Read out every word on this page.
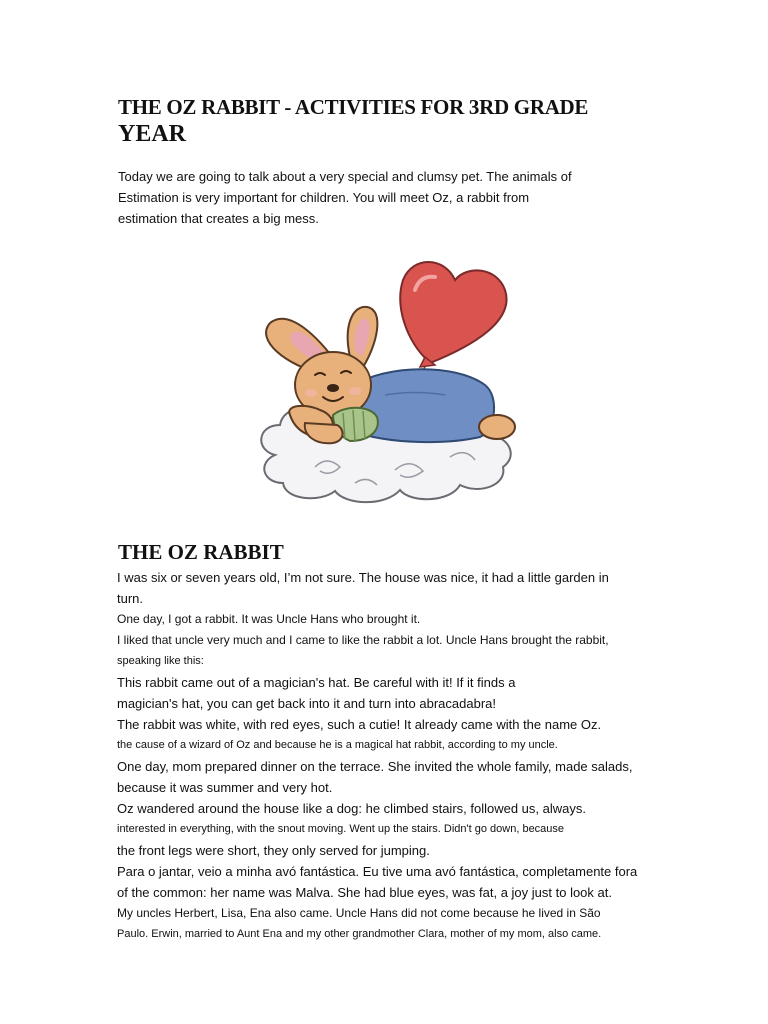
THE OZ RABBIT - ACTIVITIES FOR 3RD GRADE
YEAR
Today we are going to talk about a very special and clumsy pet. The animals of
Estimation is very important for children. You will meet Oz, a rabbit from
estimation that creates a big mess.
THE OZ RABBIT
I was six or seven years old, I’m not sure. The house was nice, it had a little garden in
turn.
One day, I got a rabbit. It was Uncle Hans who brought it.
I liked that uncle very much and I came to like the rabbit a lot. Uncle Hans brought the rabbit,
speaking like this:
This rabbit came out of a magician's hat. Be careful with it! If it finds a
magician's hat, you can get back into it and turn into abracadabra!
The rabbit was white, with red eyes, such a cutie! It already came with the name Oz.
the cause of a wizard of Oz and because he is a magical hat rabbit, according to my uncle.
One day, mom prepared dinner on the terrace. She invited the whole family, made salads,
because it was summer and very hot.
Oz wandered around the house like a dog: he climbed stairs, followed us, always.
interested in everything, with the snout moving. Went up the stairs. Didn't go down, because
the front legs were short, they only served for jumping.
Para o jantar, veio a minha avó fantástica. Eu tive uma avó fantástica, completamente fora
of the common: her name was Malva. She had blue eyes, was fat, a joy just to look at.
My uncles Herbert, Lisa, Ena also came. Uncle Hans did not come because he lived in São
Paulo. Erwin, married to Aunt Ena and my other grandmother Clara, mother of my mom, also came.
